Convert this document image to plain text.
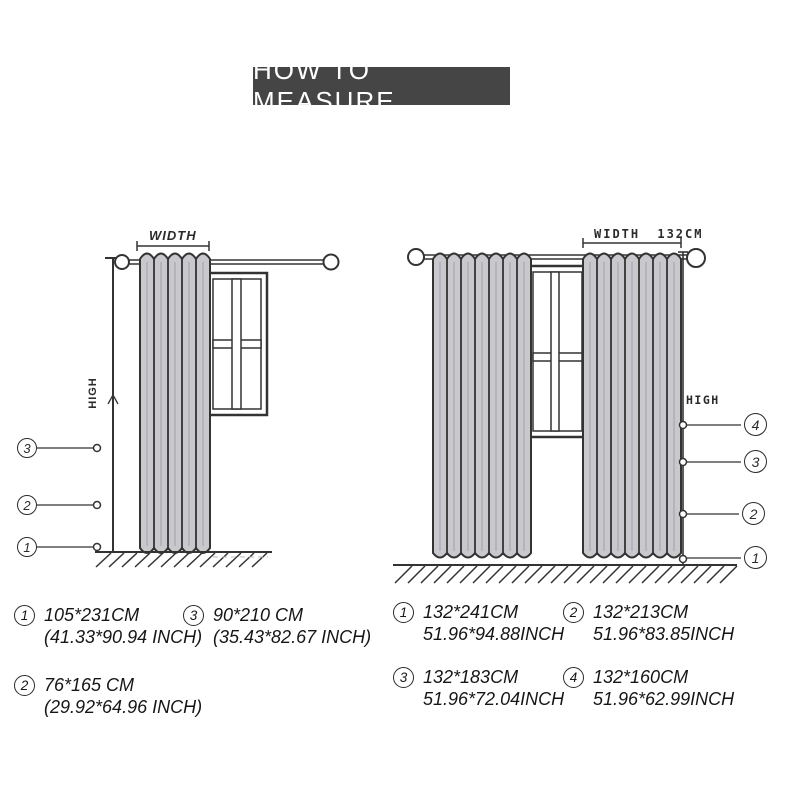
HOW TO MEASURE
WIDTH
HIGH
WIDTH 132CM
HIGH
3
2
1
4
3
2
1
1 105*231CM
(41.33*90.94 INCH)
3 90*210 CM
(35.43*82.67 INCH)
2 76*165 CM
(29.92*64.96 INCH)
1 132*241CM
51.96*94.88INCH
2 132*213CM
51.96*83.85INCH
3 132*183CM
51.96*72.04INCH
4 132*160CM
51.96*62.99INCH
